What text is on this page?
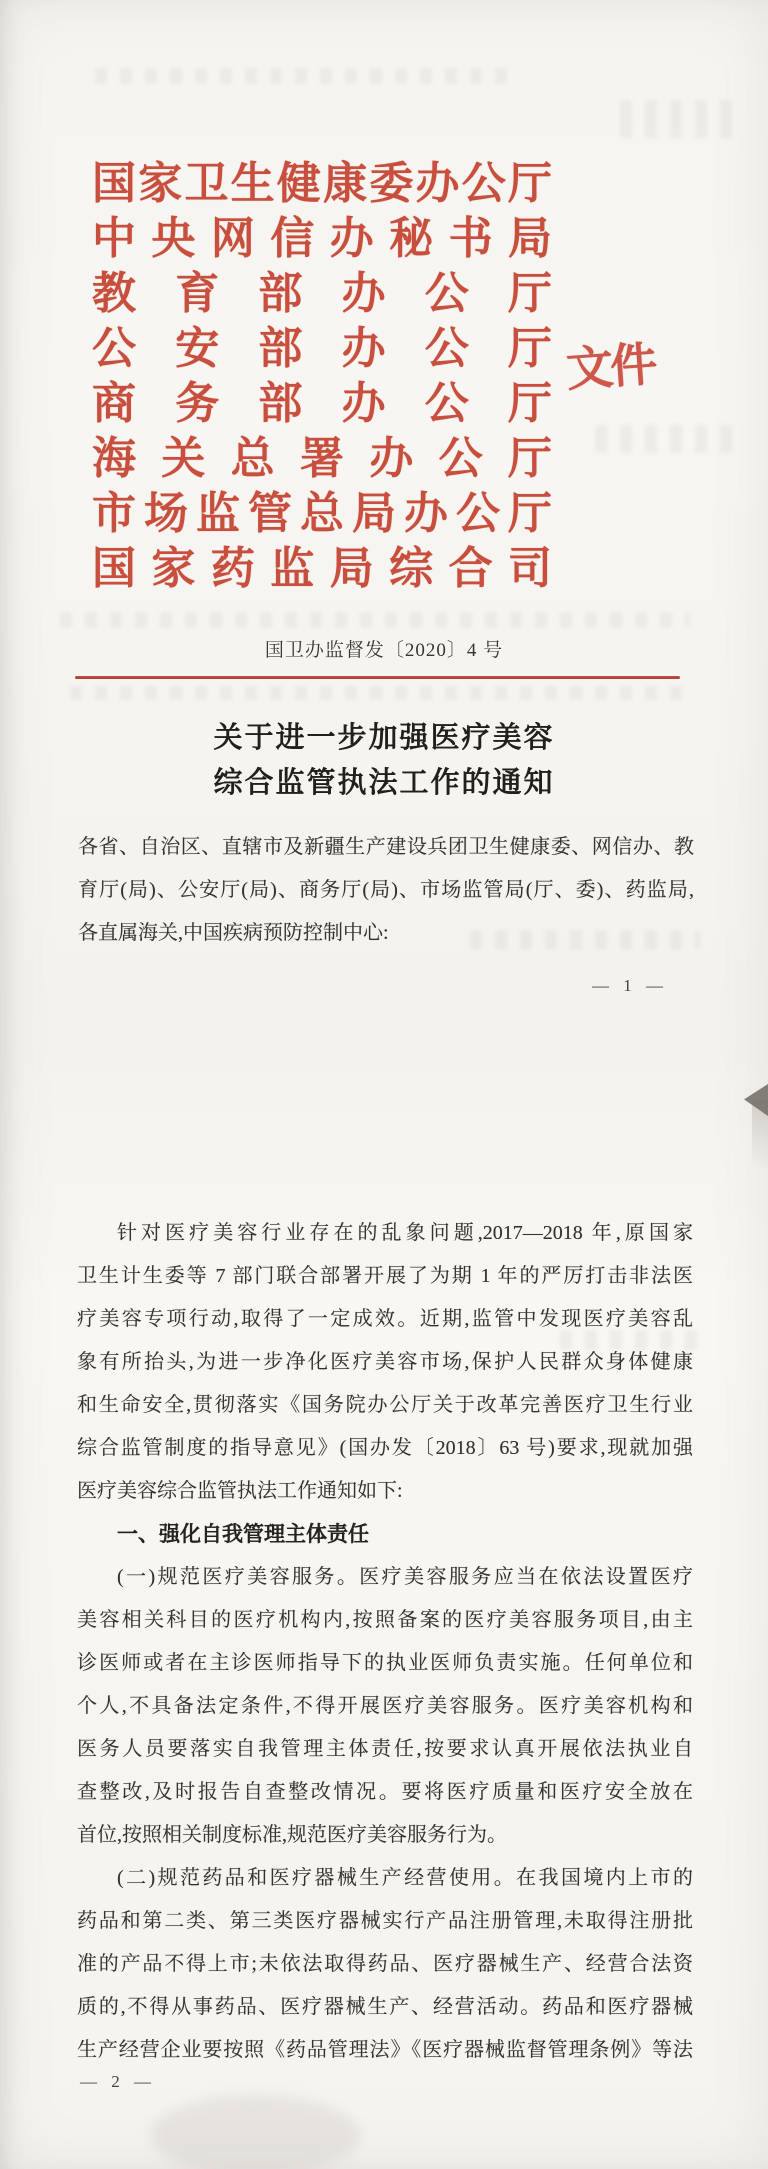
国家卫生健康委办公厅
中央网信办秘书局
教育部办公厅
公安部办公厅
商务部办公厅
海关总署办公厅
市场监管总局办公厅
国家药监局综合司
文件
国卫办监督发〔2020〕4 号
关于进一步加强医疗美容
综合监管执法工作的通知
各省、自治区、直辖市及新疆生产建设兵团卫生健康委、网信办、教
育厅(局)、公安厅(局)、商务厅(局)、市场监管局(厅、委)、药监局,
各直属海关,中国疾病预防控制中心:
— 1 —
针对医疗美容行业存在的乱象问题,2017—2018 年,原国家
卫生计生委等 7 部门联合部署开展了为期 1 年的严厉打击非法医
疗美容专项行动,取得了一定成效。近期,监管中发现医疗美容乱
象有所抬头,为进一步净化医疗美容市场,保护人民群众身体健康
和生命安全,贯彻落实《国务院办公厅关于改革完善医疗卫生行业
综合监管制度的指导意见》(国办发〔2018〕63 号)要求,现就加强
医疗美容综合监管执法工作通知如下:
一、强化自我管理主体责任
(一)规范医疗美容服务。医疗美容服务应当在依法设置医疗
美容相关科目的医疗机构内,按照备案的医疗美容服务项目,由主
诊医师或者在主诊医师指导下的执业医师负责实施。任何单位和
个人,不具备法定条件,不得开展医疗美容服务。医疗美容机构和
医务人员要落实自我管理主体责任,按要求认真开展依法执业自
查整改,及时报告自查整改情况。要将医疗质量和医疗安全放在
首位,按照相关制度标准,规范医疗美容服务行为。
(二)规范药品和医疗器械生产经营使用。在我国境内上市的
药品和第二类、第三类医疗器械实行产品注册管理,未取得注册批
准的产品不得上市;未依法取得药品、医疗器械生产、经营合法资
质的,不得从事药品、医疗器械生产、经营活动。药品和医疗器械
生产经营企业要按照《药品管理法》《医疗器械监督管理条例》等法
— 2 —
